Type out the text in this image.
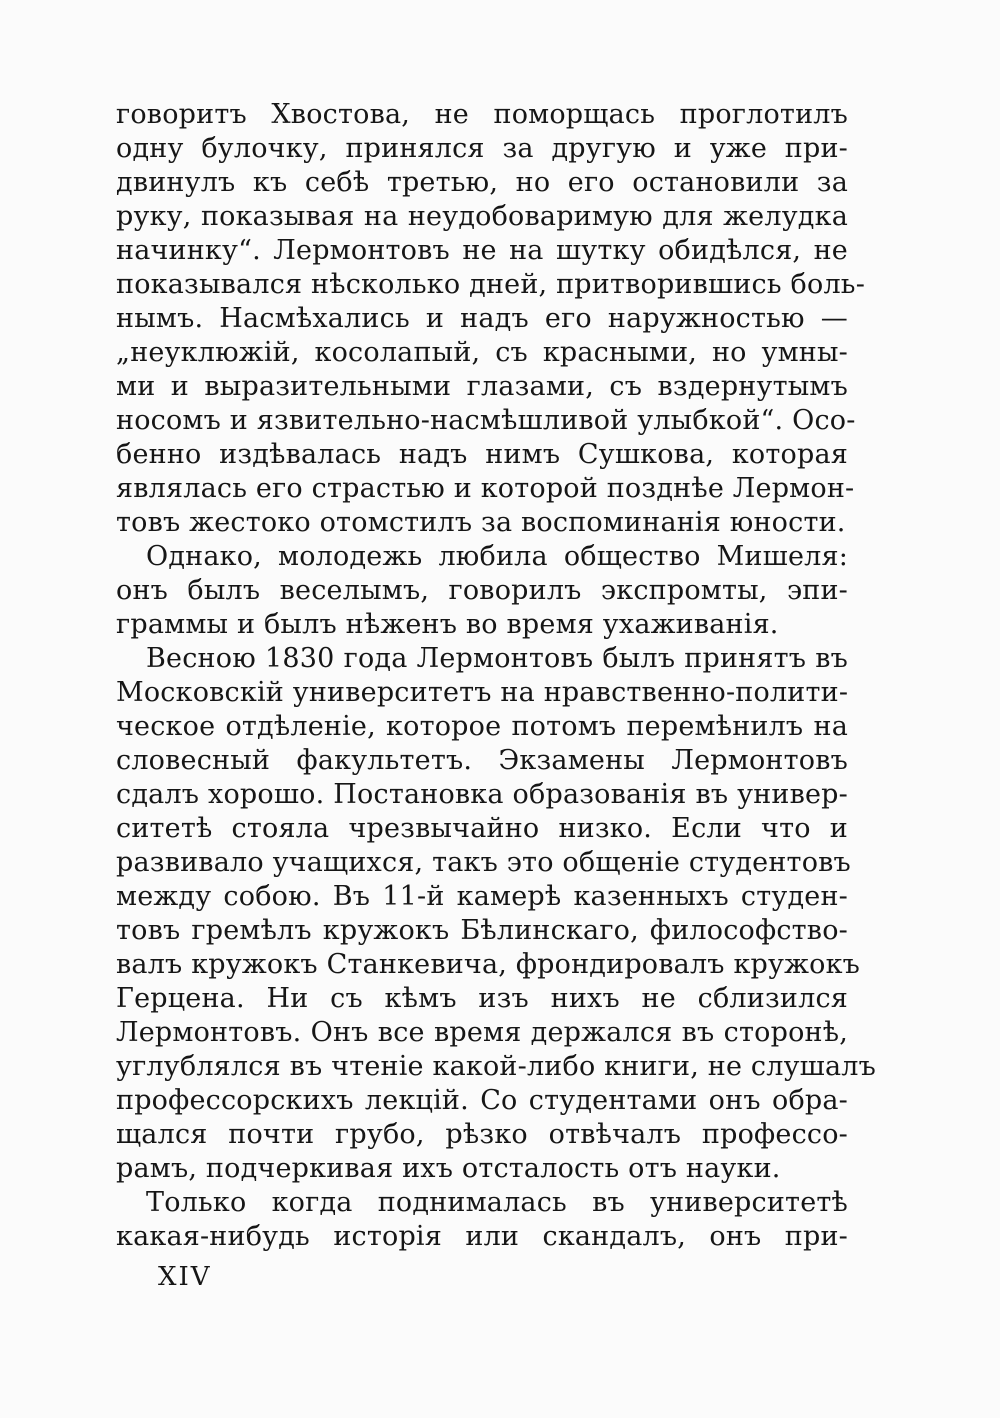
говоритъ Хвостова, не поморщась проглотилъ
одну булочку, принялся за другую и уже при-
двинулъ къ себѣ третью, но его остановили за
руку, показывая на неудобоваримую для желудка
начинку“. Лермонтовъ не на шутку обидѣлся, не
показывался нѣсколько дней, притворившись боль-
нымъ. Насмѣхались и надъ его наружностью —
„неуклюжій, косолапый, съ красными, но умны-
ми и выразительными глазами, съ вздернутымъ
носомъ и язвительно-насмѣшливой улыбкой“. Осо-
бенно издѣвалась надъ нимъ Сушкова, которая
являлась его страстью и которой позднѣе Лермон-
товъ жестоко отомстилъ за воспоминанія юности.
Однако, молодежь любила общество Мишеля:
онъ былъ веселымъ, говорилъ экспромты, эпи-
граммы и былъ нѣженъ во время ухаживанія.
Весною 1830 года Лермонтовъ былъ принятъ въ
Московскій университетъ на нравственно-полити-
ческое отдѣленіе, которое потомъ перемѣнилъ на
словесный факультетъ. Экзамены Лермонтовъ
сдалъ хорошо. Постановка образованія въ универ-
ситетѣ стояла чрезвычайно низко. Если что и
развивало учащихся, такъ это общеніе студентовъ
между собою. Въ 11-й камерѣ казенныхъ студен-
товъ гремѣлъ кружокъ Бѣлинскаго, философство-
валъ кружокъ Станкевича, фрондировалъ кружокъ
Герцена. Ни съ кѣмъ изъ нихъ не сблизился
Лермонтовъ. Онъ все время держался въ сторонѣ,
углублялся въ чтеніе какой-либо книги, не слушалъ
профессорскихъ лекцій. Со студентами онъ обра-
щался почти грубо, рѣзко отвѣчалъ профессо-
рамъ, подчеркивая ихъ отсталость отъ науки.
Только когда поднималась въ университетѣ
какая-нибудь исторія или скандалъ, онъ при-
XIV
